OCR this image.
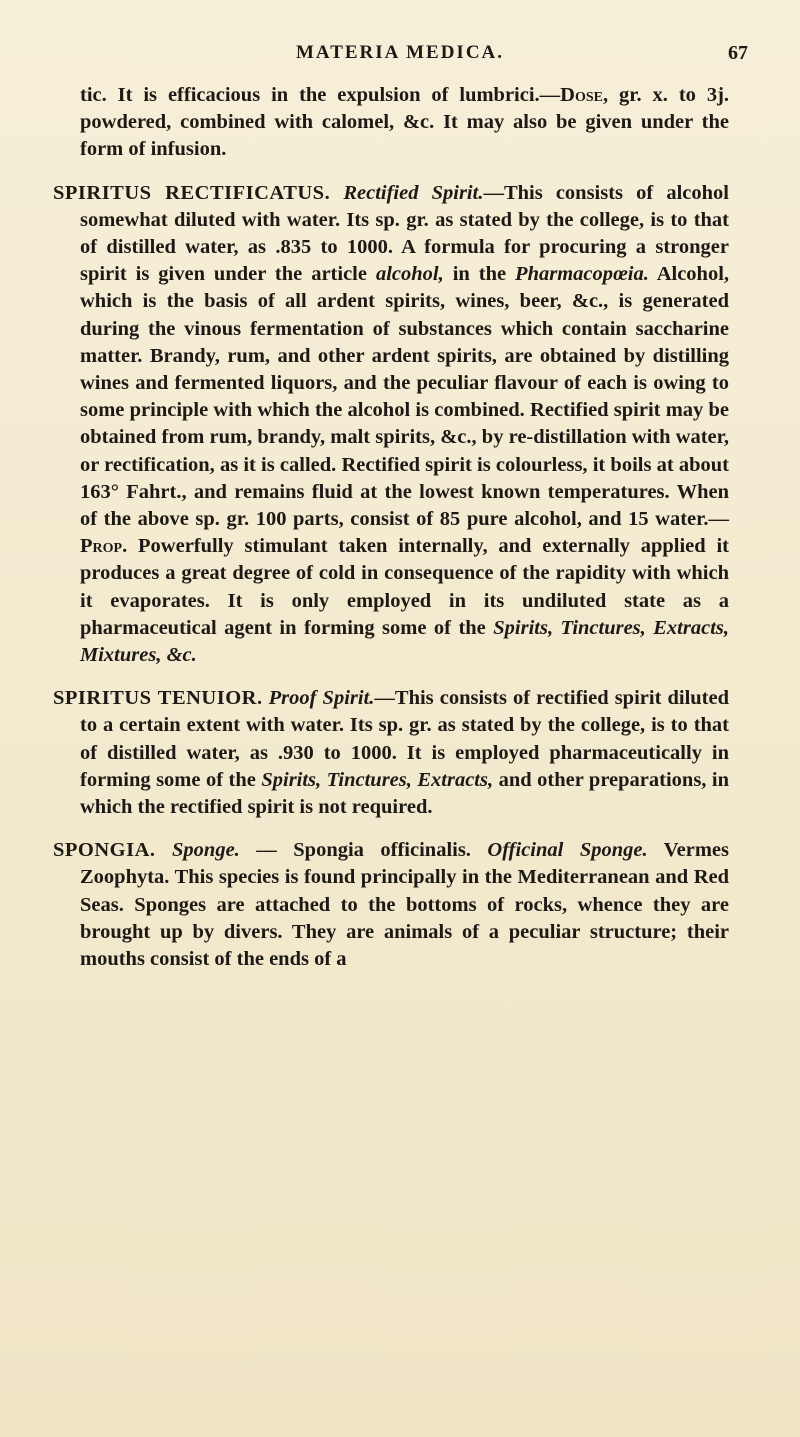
MATERIA MEDICA.	67

tic. It is efficacious in the expulsion of lumbrici.—Dose, gr. x. to 3j. powdered, combined with calomel, &c. It may also be given under the form of infusion.

SPIRITUS RECTIFICATUS. Rectified Spirit.—This consists of alcohol somewhat diluted with water. Its sp. gr. as stated by the college, is to that of distilled water, as .835 to 1000. A formula for procuring a stronger spirit is given under the article alcohol, in the Pharmacopœia. Alcohol, which is the basis of all ardent spirits, wines, beer, &c., is generated during the vinous fermentation of substances which contain saccharine matter. Brandy, rum, and other ardent spirits, are obtained by distilling wines and fermented liquors, and the peculiar flavour of each is owing to some principle with which the alcohol is combined. Rectified spirit may be obtained from rum, brandy, malt spirits, &c., by re-distillation with water, or rectification, as it is called. Rectified spirit is colourless, it boils at about 163° Fahrt., and remains fluid at the lowest known temperatures. When of the above sp. gr. 100 parts, consist of 85 pure alcohol, and 15 water.—Prop. Powerfully stimulant taken internally, and externally applied it produces a great degree of cold in consequence of the rapidity with which it evaporates. It is only employed in its undiluted state as a pharmaceutical agent in forming some of the Spirits, Tinctures, Extracts, Mixtures, &c.

SPIRITUS TENUIOR. Proof Spirit.—This consists of rectified spirit diluted to a certain extent with water. Its sp. gr. as stated by the college, is to that of distilled water, as .930 to 1000. It is employed pharmaceutically in forming some of the Spirits, Tinctures, Extracts, and other preparations, in which the rectified spirit is not required.

SPONGIA. Sponge. — Spongia officinalis. Officinal Sponge. Vermes Zoophyta. This species is found principally in the Mediterranean and Red Seas. Sponges are attached to the bottoms of rocks, whence they are brought up by divers. They are animals of a peculiar structure; their mouths consist of the ends of a
